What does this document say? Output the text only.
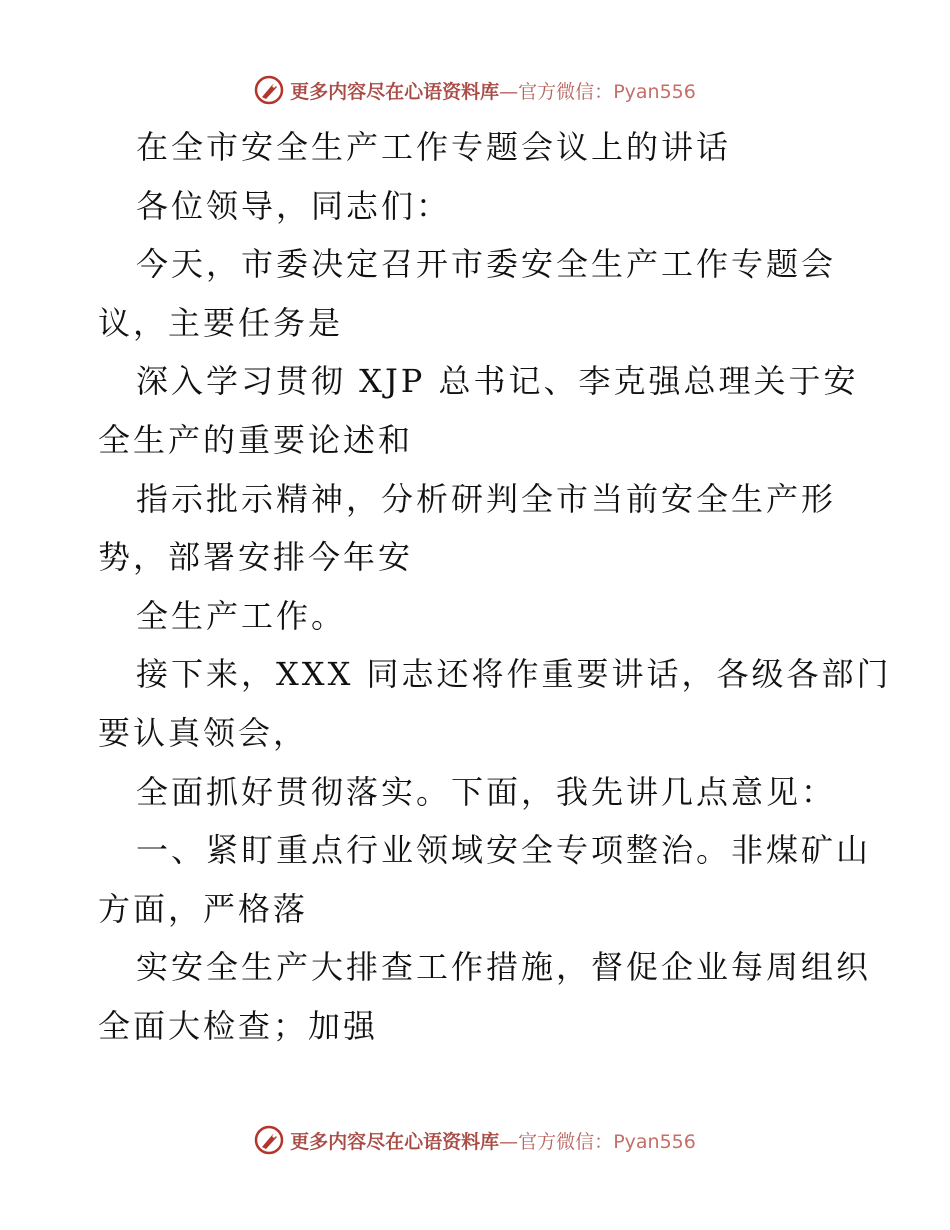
更多内容尽在心语资料库—官方微信：Pyan556
在全市安全生产工作专题会议上的讲话
各位领导，同志们：
今天，市委决定召开市委安全生产工作专题会
议，主要任务是
深入学习贯彻 XJP 总书记、李克强总理关于安
全生产的重要论述和
指示批示精神，分析研判全市当前安全生产形
势，部署安排今年安
全生产工作。
接下来，XXX 同志还将作重要讲话，各级各部门
要认真领会，
全面抓好贯彻落实。下面，我先讲几点意见：
一、紧盯重点行业领域安全专项整治。非煤矿山
方面，严格落
实安全生产大排查工作措施，督促企业每周组织
全面大检查；加强
更多内容尽在心语资料库—官方微信：Pyan556
